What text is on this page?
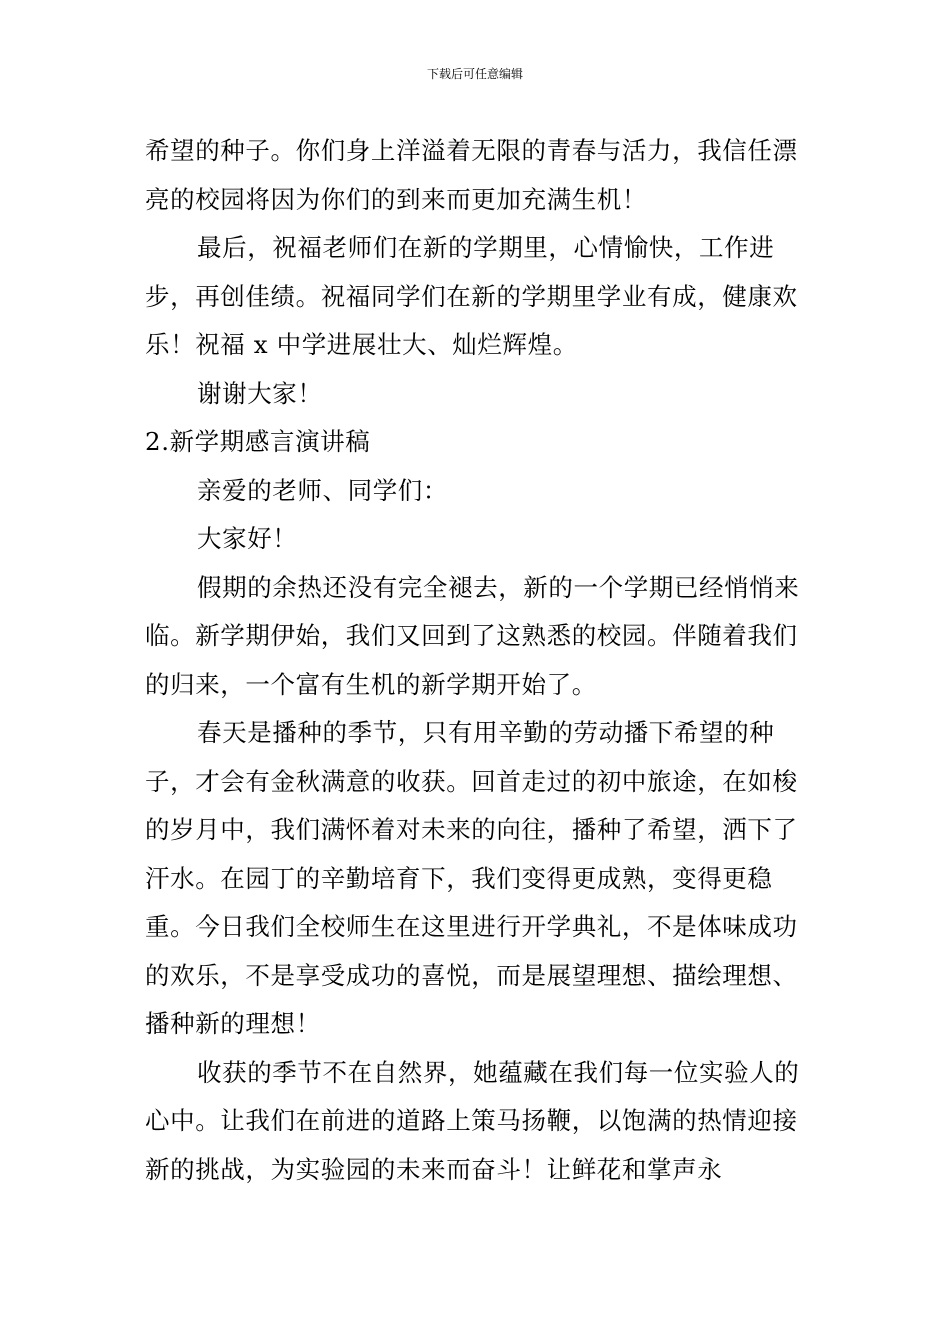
下载后可任意编辑

希望的种子。你们身上洋溢着无限的青春与活力，我信任漂亮的校园将因为你们的到来而更加充满生机！

最后，祝福老师们在新的学期里，心情愉快，工作进步，再创佳绩。祝福同学们在新的学期里学业有成，健康欢乐！祝福 x 中学进展壮大、灿烂辉煌。

谢谢大家！

2.新学期感言演讲稿

亲爱的老师、同学们：

大家好！

假期的余热还没有完全褪去，新的一个学期已经悄悄来临。新学期伊始，我们又回到了这熟悉的校园。伴随着我们的归来，一个富有生机的新学期开始了。

春天是播种的季节，只有用辛勤的劳动播下希望的种子，才会有金秋满意的收获。回首走过的初中旅途，在如梭的岁月中，我们满怀着对未来的向往，播种了希望，洒下了汗水。在园丁的辛勤培育下，我们变得更成熟，变得更稳重。今日我们全校师生在这里进行开学典礼，不是体味成功的欢乐，不是享受成功的喜悦，而是展望理想、描绘理想、播种新的理想！

收获的季节不在自然界，她蕴藏在我们每一位实验人的心中。让我们在前进的道路上策马扬鞭，以饱满的热情迎接新的挑战，为实验园的未来而奋斗！让鲜花和掌声永
